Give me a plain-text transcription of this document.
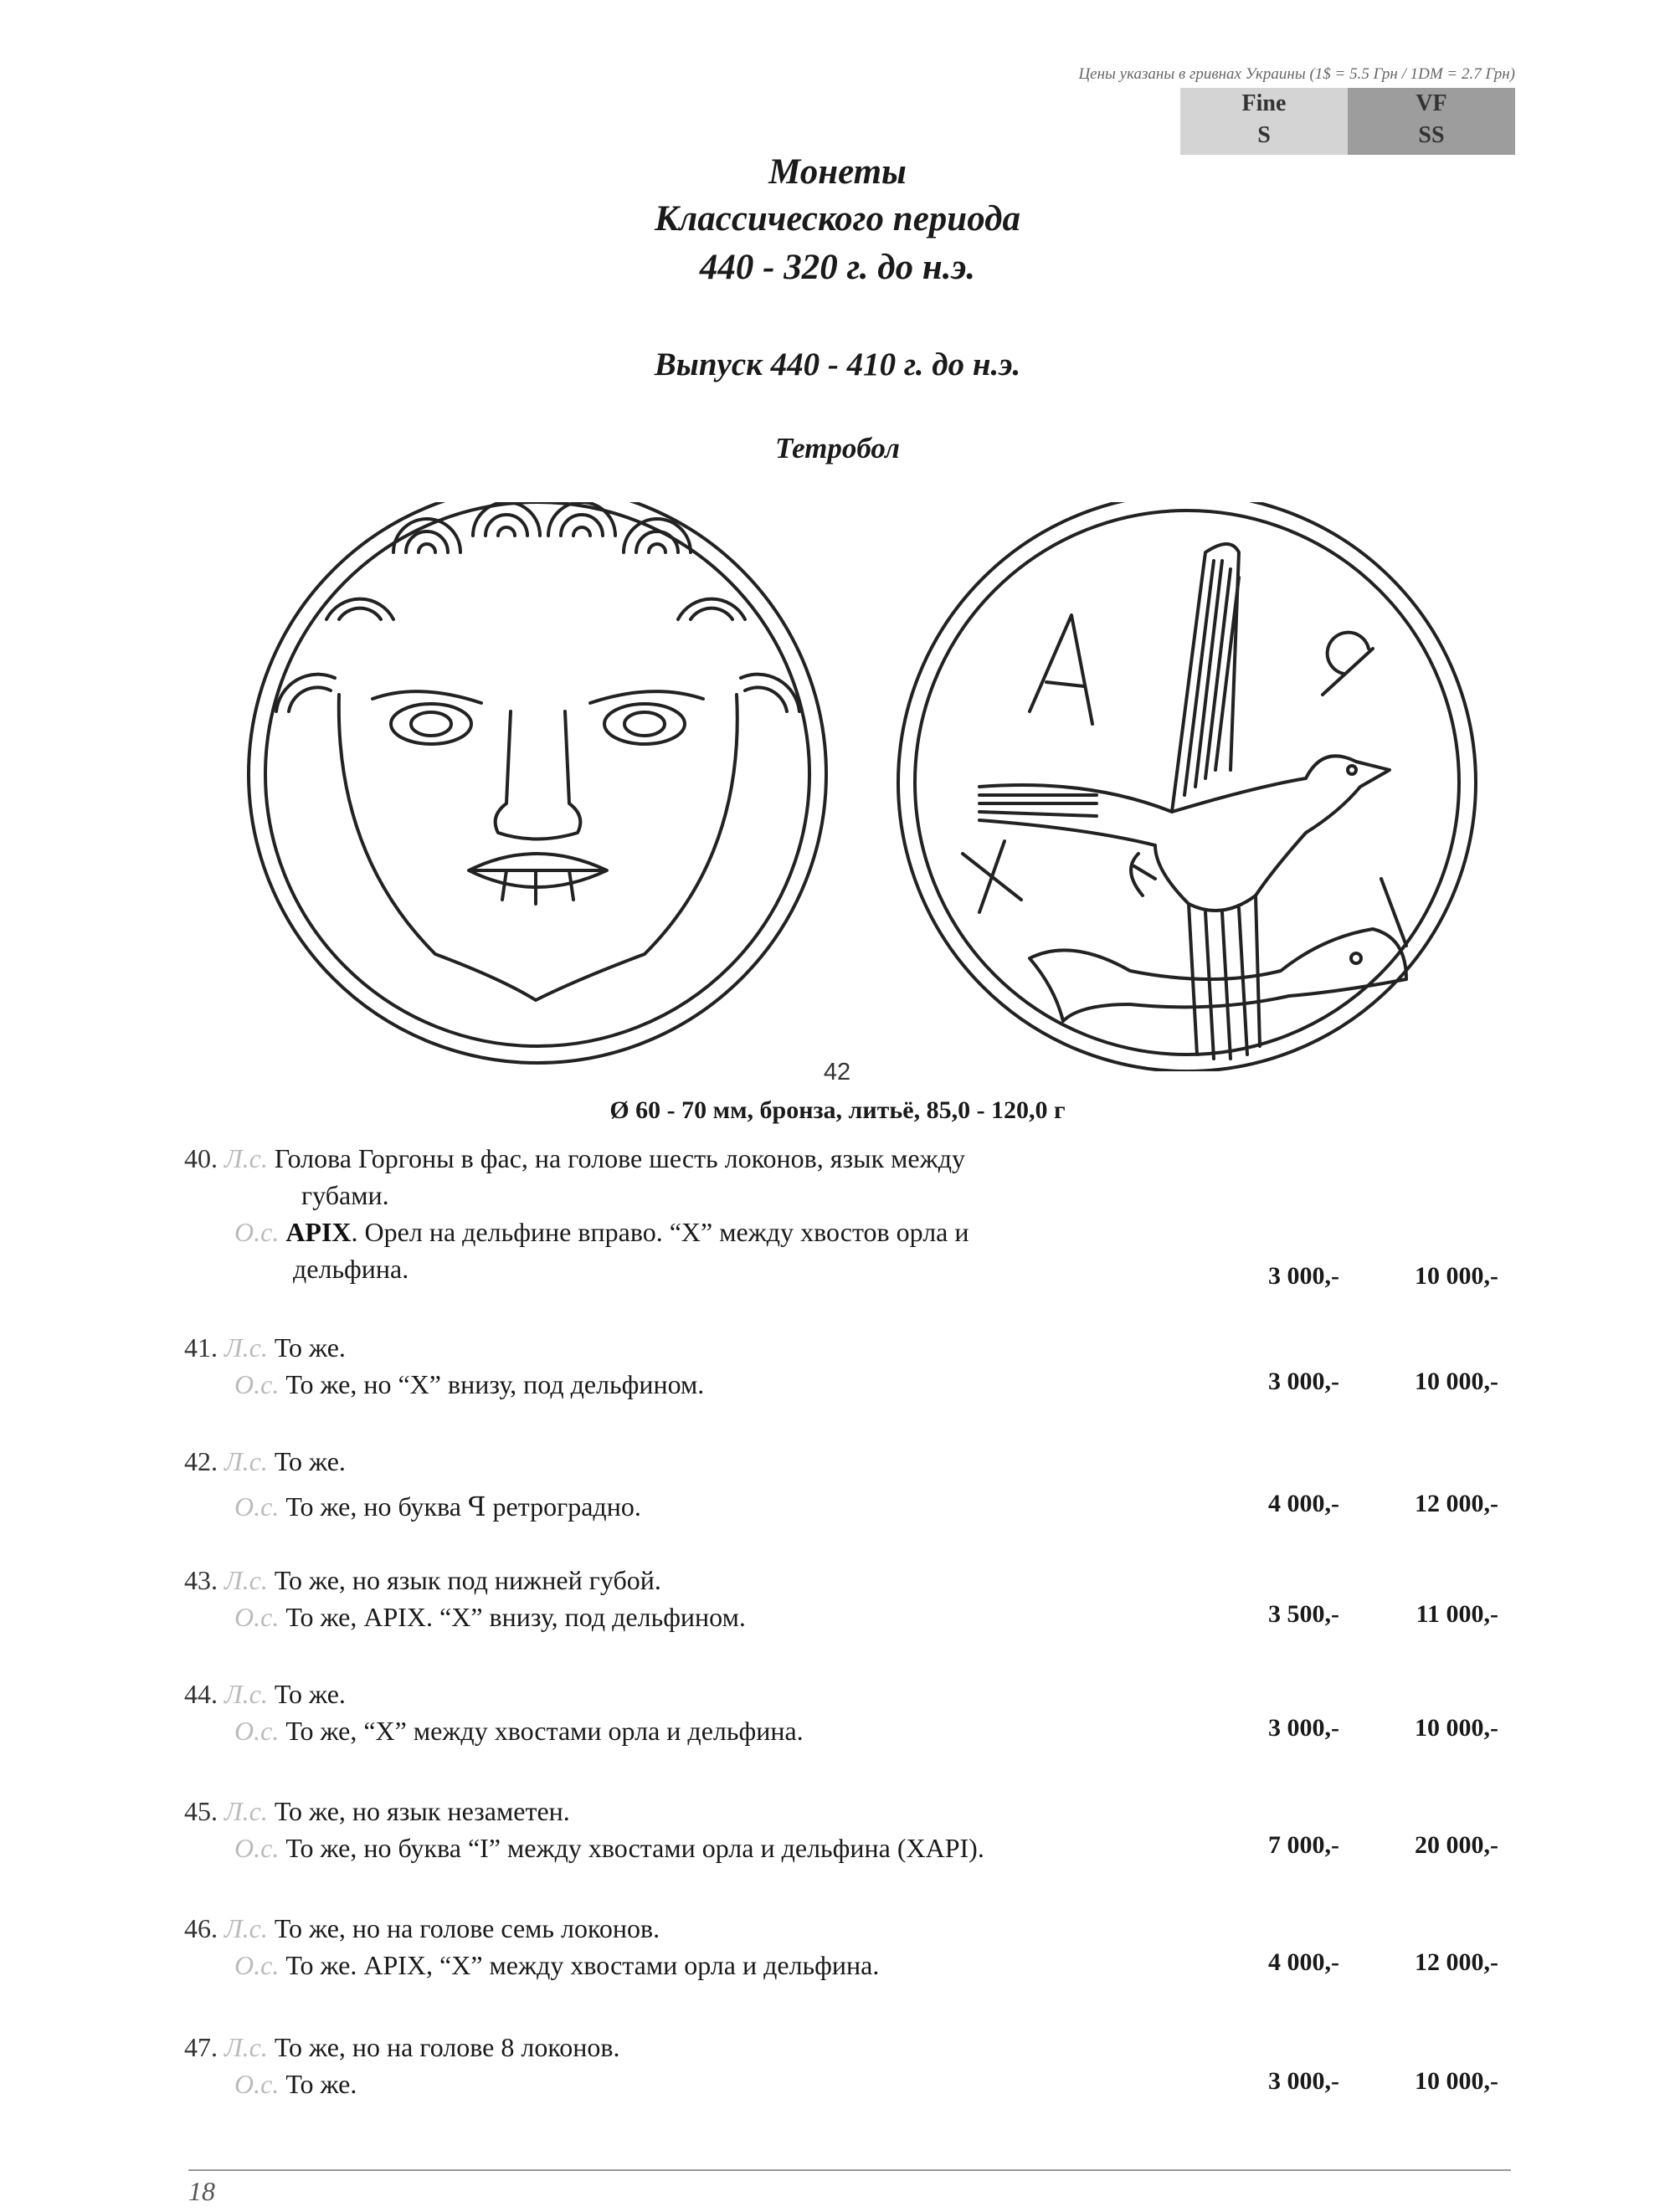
Цены указаны в гривнах Украины (1$ = 5.5 Грн / 1DM = 2.7 Грн)
Fine
S
VF
SS
Монеты
Классического периода
440 - 320 г. до н.э.
Выпуск 440 - 410 г. до н.э.
Тетробол
42
Ø 60 - 70 мм, бронза, литьё, 85,0 - 120,0 г
40. Л.с. Голова Горгоны в фас, на голове шесть локонов, язык между
губами.
О.с. АРІХ. Орел на дельфине вправо. “Х” между хвостов орла и
дельфина.	3 000,-	10 000,-
41. Л.с. То же.
О.с. То же, но “Х” внизу, под дельфином.	3 000,-	10 000,-
42. Л.с. То же.
О.с. То же, но буква ꟼ ретроградно.	4 000,-	12 000,-
43. Л.с. То же, но язык под нижней губой.
О.с. То же, АРІХ. “Х” внизу, под дельфином.	3 500,-	11 000,-
44. Л.с. То же.
О.с. То же, “Х” между хвостами орла и дельфина.	3 000,-	10 000,-
45. Л.с. То же, но язык незаметен.
О.с. То же, но буква “І” между хвостами орла и дельфина (ХАРІ).	7 000,-	20 000,-
46. Л.с. То же, но на голове семь локонов.
О.с. То же. АРІХ, “Х” между хвостами орла и дельфина.	4 000,-	12 000,-
47. Л.с. То же, но на голове 8 локонов.
О.с. То же.	3 000,-	10 000,-
18
